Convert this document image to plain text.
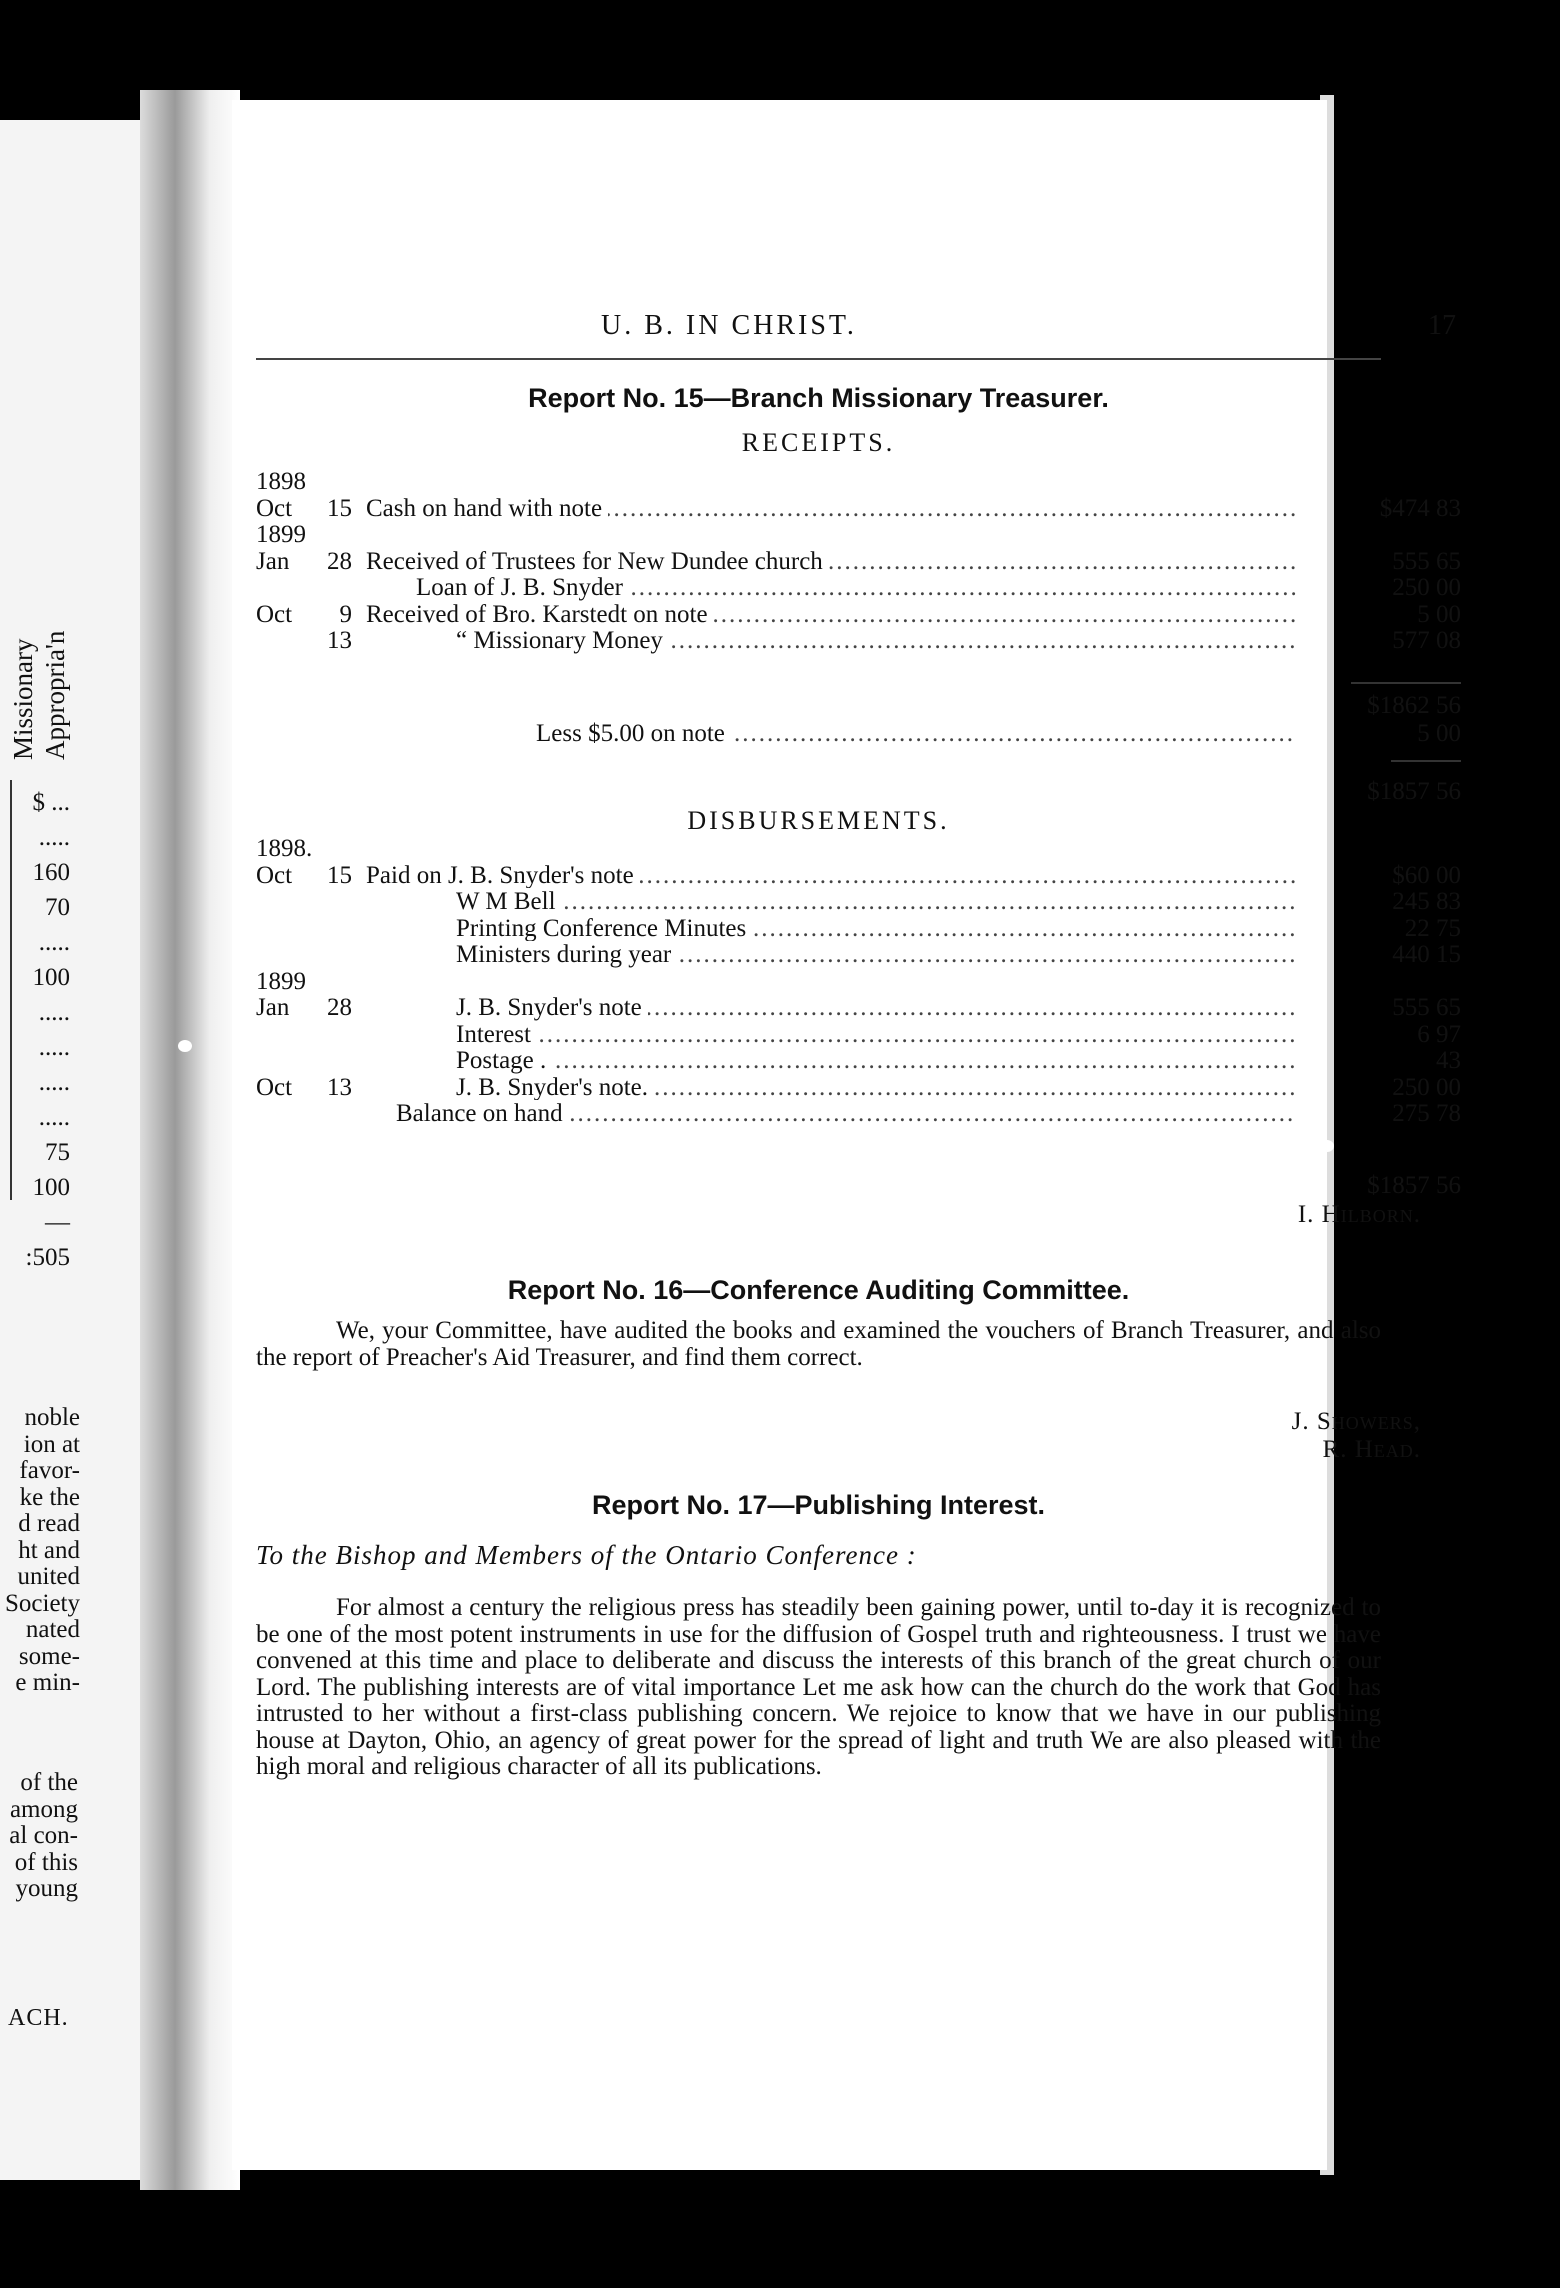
Missionary Appropria'n
$ ...
.....
160
70
.....
100
.....
.....
.....
.....
75
100
—
:505
noble
ion at
favor-
ke the
d read
ht and
united
Society
nated
some-
e min-
of the
among
al con-
of this
young
ACH.
U. B. IN CHRIST.	17
Report No. 15—Branch Missionary Treasurer.
RECEIPTS.
1898
Oct	15 ..... Cash on hand with note	$474 83
1899
Jan	28 ..... Received of Trustees for New Dundee church	555 65
..... Loan of J. B. Snyder	250 00
Oct	9 ..... Received of Bro. Karstedt on note	5 00
13	..... “ Missionary Money	577 08
$1862 56
..... Less $5.00 on note	5 00
$1857 56
DISBURSEMENTS.
1898.
Oct	15 ..... Paid on J. B. Snyder's note	$60 00
..... W M Bell	245 83
..... Printing Conference Minutes	22 75
..... Ministers during year	440 15
1899
Jan	28	..... J. B. Snyder's note	555 65
..... Interest	6 97
..... Postage .	43
Oct	13	..... J. B. Snyder's note.	250 00
..... Balance on hand	275 78
$1857 56
I. Hilborn.
Report No. 16—Conference Auditing Committee.

We, your Committee, have audited the books and examined the vouchers of Branch Treasurer, and also the report of Preacher's Aid Treasurer, and find them correct.

J. Showers,
R. Head.
Report No. 17—Publishing Interest.
To the Bishop and Members of the Ontario Conference :

For almost a century the religious press has steadily been gaining power, until to-day it is recognized to be one of the most potent instruments in use for the diffusion of Gospel truth and righteousness. I trust we have convened at this time and place to deliberate and discuss the interests of this branch of the great church of our Lord. The publishing interests are of vital importance Let me ask how can the church do the work that God has intrusted to her without a first-class publishing concern. We rejoice to know that we have in our publishing house at Dayton, Ohio, an agency of great power for the spread of light and truth We are also pleased with the high moral and religious character of all its publications.
